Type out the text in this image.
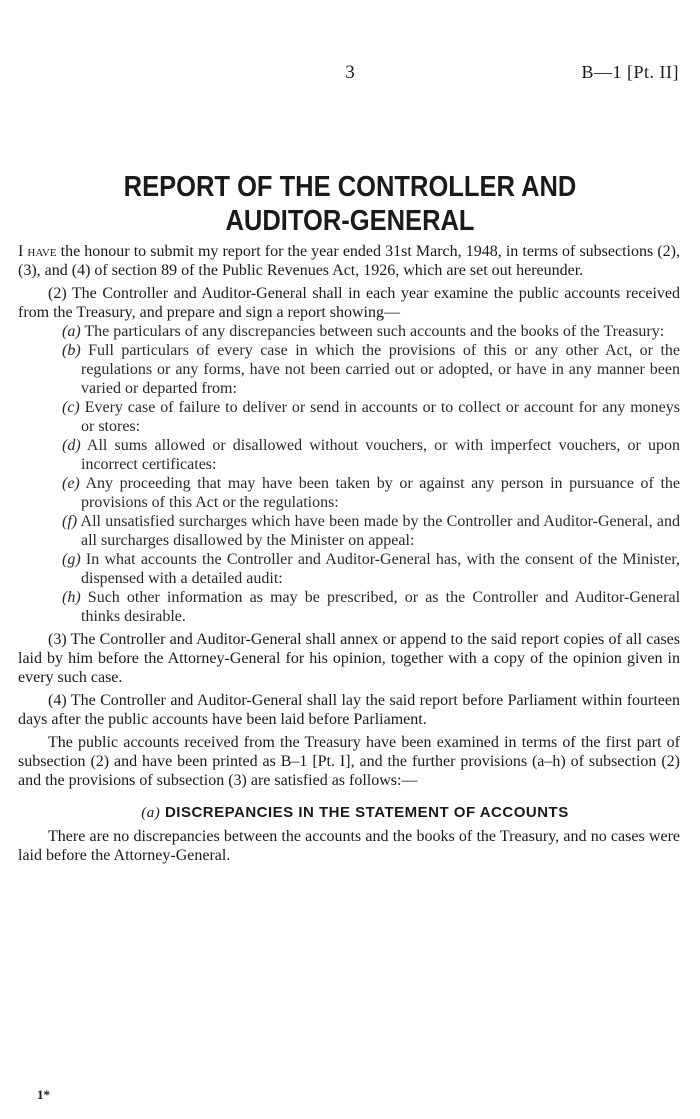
3	B—1 [Pt. II]
REPORT OF THE CONTROLLER AND
AUDITOR-GENERAL

I have the honour to submit my report for the year ended 31st March, 1948, in terms of subsections (2), (3), and (4) of section 89 of the Public Revenues Act, 1926, which are set out hereunder.

(2) The Controller and Auditor-General shall in each year examine the public accounts received from the Treasury, and prepare and sign a report showing—

(a) The particulars of any discrepancies between such accounts and the books of the Treasury:

(b) Full particulars of every case in which the provisions of this or any other Act, or the regulations or any forms, have not been carried out or adopted, or have in any manner been varied or departed from:

(c) Every case of failure to deliver or send in accounts or to collect or account for any moneys or stores:

(d) All sums allowed or disallowed without vouchers, or with imperfect vouchers, or upon incorrect certificates:

(e) Any proceeding that may have been taken by or against any person in pursuance of the provisions of this Act or the regulations:

(f) All unsatisfied surcharges which have been made by the Controller and Auditor-General, and all surcharges disallowed by the Minister on appeal:

(g) In what accounts the Controller and Auditor-General has, with the consent of the Minister, dispensed with a detailed audit:

(h) Such other information as may be prescribed, or as the Controller and Auditor-General thinks desirable.

(3) The Controller and Auditor-General shall annex or append to the said report copies of all cases laid by him before the Attorney-General for his opinion, together with a copy of the opinion given in every such case.

(4) The Controller and Auditor-General shall lay the said report before Parliament within fourteen days after the public accounts have been laid before Parliament.

The public accounts received from the Treasury have been examined in terms of the first part of subsection (2) and have been printed as B–1 [Pt. I], and the further provisions (a–h) of subsection (2) and the provisions of subsection (3) are satisfied as follows:—

(a) DISCREPANCIES IN THE STATEMENT OF ACCOUNTS

There are no discrepancies between the accounts and the books of the Treasury, and no cases were laid before the Attorney-General.

1*
